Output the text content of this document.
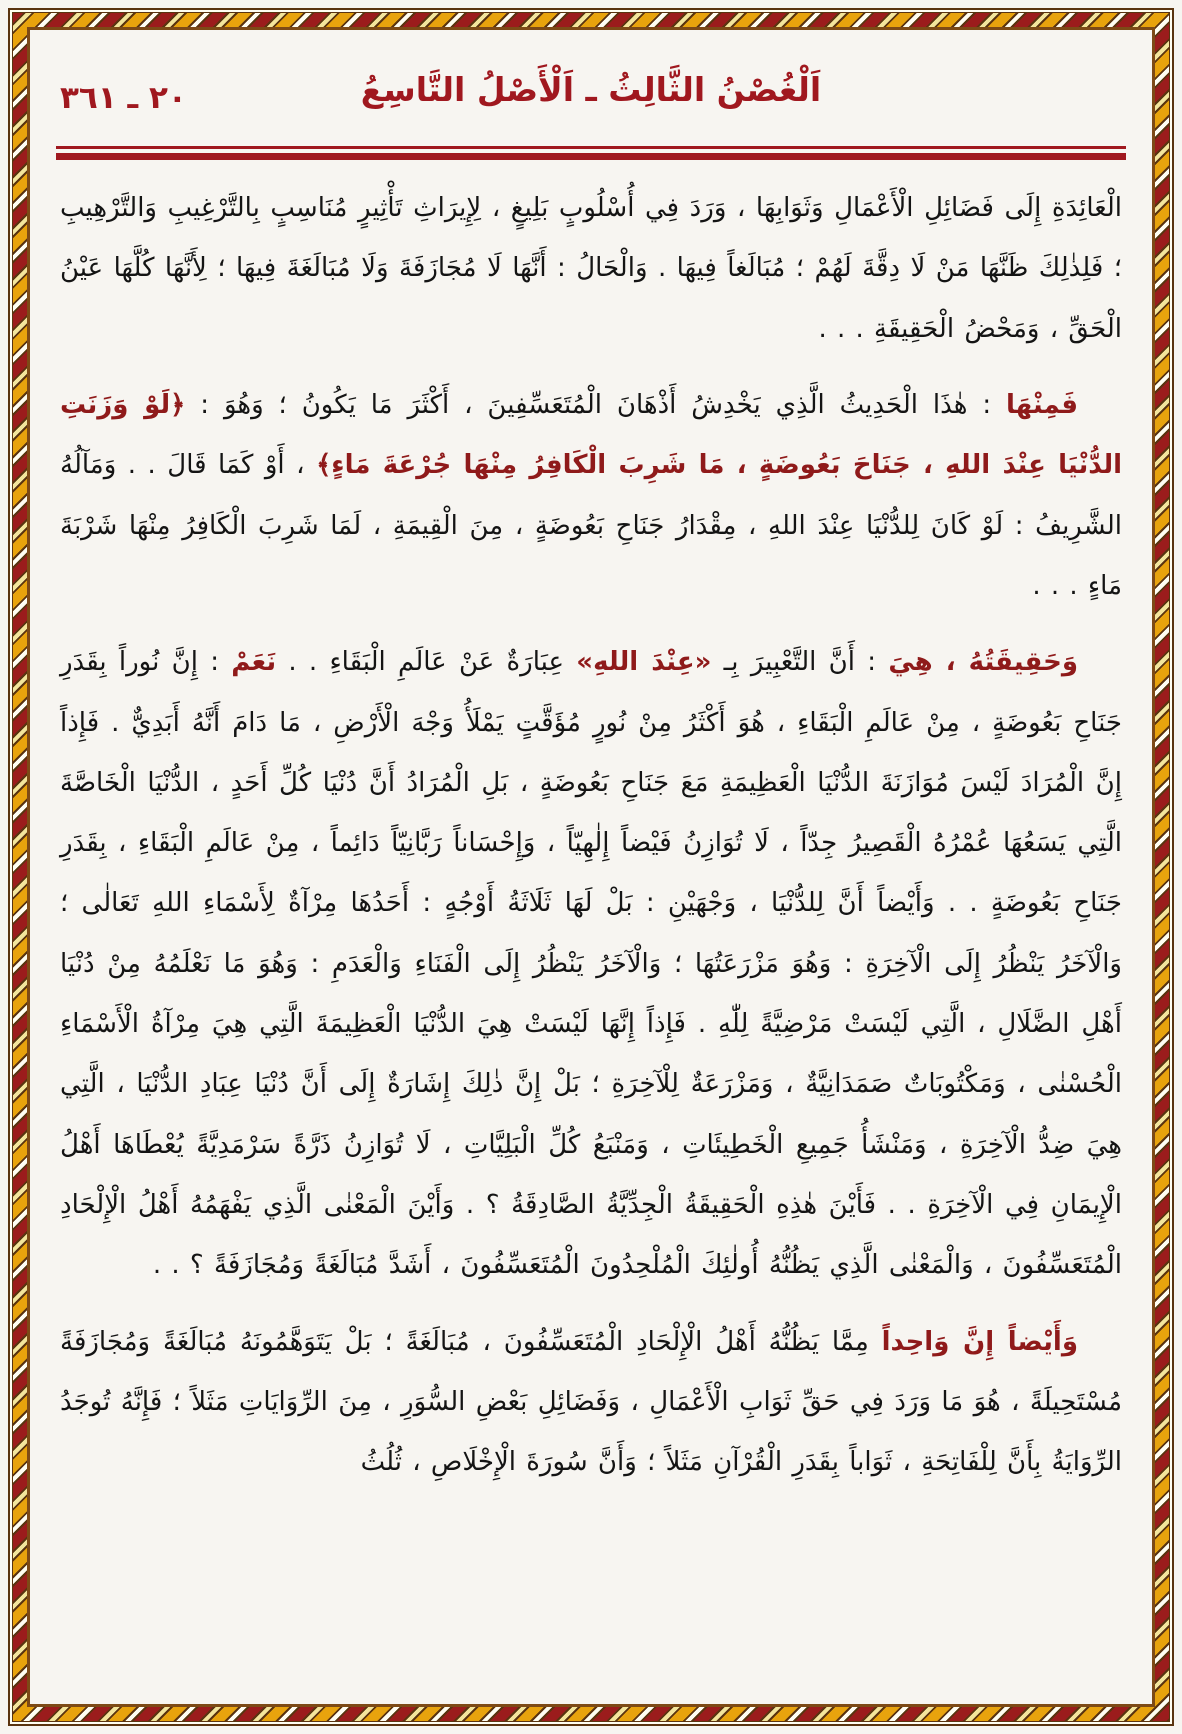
٢٠ ـ ٣٦١	اَلْغُصْنُ الثَّالِثُ ـ اَلْأَصْلُ التَّاسِعُ

الْعَائِدَةِ إِلَى فَضَائِلِ الْأَعْمَالِ وَثَوَابِهَا ، وَرَدَ فِي أُسْلُوبٍ بَلِيغٍ ، لِإِيرَاثِ تَأْثِيرٍ مُنَاسِبٍ بِالتَّرْغِيبِ وَالتَّرْهِيبِ ؛ فَلِذٰلِكَ ظَنَّهَا مَنْ لَا دِقَّةَ لَهُمْ ؛ مُبَالَغاً فِيهَا . وَالْحَالُ : أَنَّهَا لَا مُجَازَفَةَ وَلَا مُبَالَغَةَ فِيهَا ؛ لِأَنَّهَا كُلَّهَا عَيْنُ الْحَقِّ ، وَمَحْضُ الْحَقِيقَةِ . . .

فَمِنْهَا : هٰذَا الْحَدِيثُ الَّذِي يَخْدِشُ أَذْهَانَ الْمُتَعَسِّفِينَ ، أَكْثَرَ مَا يَكُونُ ؛ وَهُوَ : ﴿لَوْ وَزَنَتِ الدُّنْيَا عِنْدَ اللهِ ، جَنَاحَ بَعُوضَةٍ ، مَا شَرِبَ الْكَافِرُ مِنْهَا جُرْعَةَ مَاءٍ﴾ ، أَوْ كَمَا قَالَ . . وَمَآلُهُ الشَّرِيفُ : لَوْ كَانَ لِلدُّنْيَا عِنْدَ اللهِ ، مِقْدَارُ جَنَاحِ بَعُوضَةٍ ، مِنَ الْقِيمَةِ ، لَمَا شَرِبَ الْكَافِرُ مِنْهَا شَرْبَةَ مَاءٍ . . .

وَحَقِيقَتُهُ ، هِيَ : أَنَّ التَّعْبِيرَ بِـ «عِنْدَ اللهِ» عِبَارَةٌ عَنْ عَالَمِ الْبَقَاءِ . . نَعَمْ : إِنَّ نُوراً بِقَدَرِ جَنَاحِ بَعُوضَةٍ ، مِنْ عَالَمِ الْبَقَاءِ ، هُوَ أَكْثَرُ مِنْ نُورٍ مُؤَقَّتٍ يَمْلَأُ وَجْهَ الْأَرْضِ ، مَا دَامَ أَنَّهُ أَبَدِيٌّ . فَإِذاً إِنَّ الْمُرَادَ لَيْسَ مُوَازَنَةَ الدُّنْيَا الْعَظِيمَةِ مَعَ جَنَاحِ بَعُوضَةٍ ، بَلِ الْمُرَادُ أَنَّ دُنْيَا كُلِّ أَحَدٍ ، الدُّنْيَا الْخَاصَّةَ الَّتِي يَسَعُهَا عُمْرُهُ الْقَصِيرُ جِدّاً ، لَا تُوَازِنُ فَيْضاً إِلٰهِيّاً ، وَإِحْسَاناً رَبَّانِيّاً دَائِماً ، مِنْ عَالَمِ الْبَقَاءِ ، بِقَدَرِ جَنَاحِ بَعُوضَةٍ . . وَأَيْضاً أَنَّ لِلدُّنْيَا ، وَجْهَيْنِ : بَلْ لَهَا ثَلَاثَةُ أَوْجُهٍ : أَحَدُهَا مِرْآةٌ لِأَسْمَاءِ اللهِ تَعَالٰى ؛ وَالْآخَرُ يَنْظُرُ إِلَى الْآخِرَةِ : وَهُوَ مَزْرَعَتُهَا ؛ وَالْآخَرُ يَنْظُرُ إِلَى الْفَنَاءِ وَالْعَدَمِ : وَهُوَ مَا نَعْلَمُهُ مِنْ دُنْيَا أَهْلِ الضَّلَالِ ، الَّتِي لَيْسَتْ مَرْضِيَّةً لِلّٰهِ . فَإِذاً إِنَّهَا لَيْسَتْ هِيَ الدُّنْيَا الْعَظِيمَةَ الَّتِي هِيَ مِرْآةُ الْأَسْمَاءِ الْحُسْنٰى ، وَمَكْتُوبَاتٌ صَمَدَانِيَّةٌ ، وَمَزْرَعَةٌ لِلْآخِرَةِ ؛ بَلْ إِنَّ ذٰلِكَ إِشَارَةٌ إِلَى أَنَّ دُنْيَا عِبَادِ الدُّنْيَا ، الَّتِي هِيَ ضِدُّ الْآخِرَةِ ، وَمَنْشَأُ جَمِيعِ الْخَطِيئَاتِ ، وَمَنْبَعُ كُلِّ الْبَلِيَّاتِ ، لَا تُوَازِنُ ذَرَّةً سَرْمَدِيَّةً يُعْطَاهَا أَهْلُ الْإِيمَانِ فِي الْآخِرَةِ . . فَأَيْنَ هٰذِهِ الْحَقِيقَةُ الْجِدِّيَّةُ الصَّادِقَةُ ؟ . وَأَيْنَ الْمَعْنٰى الَّذِي يَفْهَمُهُ أَهْلُ الْإِلْحَادِ الْمُتَعَسِّفُونَ ، وَالْمَعْنٰى الَّذِي يَظُنُّهُ أُولٰئِكَ الْمُلْحِدُونَ الْمُتَعَسِّفُونَ ، أَشَدَّ مُبَالَغَةً وَمُجَازَفَةً ؟ . .

وَأَيْضاً إِنَّ وَاحِداً مِمَّا يَظُنُّهُ أَهْلُ الْإِلْحَادِ الْمُتَعَسِّفُونَ ، مُبَالَغَةً ؛ بَلْ يَتَوَهَّمُونَهُ مُبَالَغَةً وَمُجَازَفَةً مُسْتَحِيلَةً ، هُوَ مَا وَرَدَ فِي حَقِّ ثَوَابِ الْأَعْمَالِ ، وَفَضَائِلِ بَعْضِ السُّوَرِ ، مِنَ الرِّوَايَاتِ مَثَلاً ؛ فَإِنَّهُ تُوجَدُ الرِّوَايَةُ بِأَنَّ لِلْفَاتِحَةِ ، ثَوَاباً بِقَدَرِ الْقُرْآنِ مَثَلاً ؛ وَأَنَّ سُورَةَ الْإِخْلَاصِ ، ثُلُثُ
